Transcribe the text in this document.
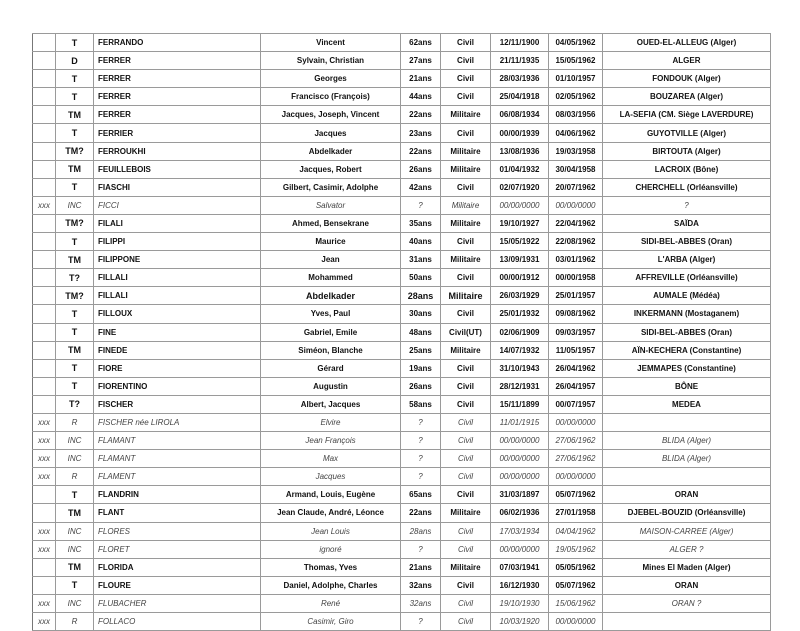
	T	FERRANDO	Vincent	62ans	Civil	12/11/1900	04/05/1962	OUED-EL-ALLEUG (Alger)
	D	FERRER	Sylvain, Christian	27ans	Civil	21/11/1935	15/05/1962	ALGER
	T	FERRER	Georges	21ans	Civil	28/03/1936	01/10/1957	FONDOUK (Alger)
	T	FERRER	Francisco (François)	44ans	Civil	25/04/1918	02/05/1962	BOUZAREA (Alger)
	TM	FERRER	Jacques, Joseph, Vincent	22ans	Militaire	06/08/1934	08/03/1956	LA-SEFIA (CM. Siège LAVERDURE)
	T	FERRIER	Jacques	23ans	Civil	00/00/1939	04/06/1962	GUYOTVILLE (Alger)
	TM?	FERROUKHI	Abdelkader	22ans	Militaire	13/08/1936	19/03/1958	BIRTOUTA (Alger)
	TM	FEUILLEBOIS	Jacques, Robert	26ans	Militaire	01/04/1932	30/04/1958	LACROIX (Bône)
	T	FIASCHI	Gilbert, Casimir, Adolphe	42ans	Civil	02/07/1920	20/07/1962	CHERCHELL (Orléansville)
xxx	INC	FICCI	Salvator	?	Militaire	00/00/0000	00/00/0000	?
	TM?	FILALI	Ahmed, Bensekrane	35ans	Militaire	19/10/1927	22/04/1962	SAÏDA
	T	FILIPPI	Maurice	40ans	Civil	15/05/1922	22/08/1962	SIDI-BEL-ABBES (Oran)
	TM	FILIPPONE	Jean	31ans	Militaire	13/09/1931	03/01/1962	L'ARBA (Alger)
	T?	FILLALI	Mohammed	50ans	Civil	00/00/1912	00/00/1958	AFFREVILLE (Orléansville)
	TM?	FILLALI	Abdelkader	28ans	Militaire	26/03/1929	25/01/1957	AUMALE (Médéa)
	T	FILLOUX	Yves, Paul	30ans	Civil	25/01/1932	09/08/1962	INKERMANN (Mostaganem)
	T	FINE	Gabriel, Emile	48ans	Civil(UT)	02/06/1909	09/03/1957	SIDI-BEL-ABBES (Oran)
	TM	FINEDE	Siméon, Blanche	25ans	Militaire	14/07/1932	11/05/1957	AÏN-KECHERA (Constantine)
	T	FIORE	Gérard	19ans	Civil	31/10/1943	26/04/1962	JEMMAPES (Constantine)
	T	FIORENTINO	Augustin	26ans	Civil	28/12/1931	26/04/1957	BÔNE
	T?	FISCHER	Albert, Jacques	58ans	Civil	15/11/1899	00/07/1957	MEDEA
xxx	R	FISCHER née LIROLA	Elvire	?	Civil	11/01/1915	00/00/0000	
xxx	INC	FLAMANT	Jean François	?	Civil	00/00/0000	27/06/1962	BLIDA (Alger)
xxx	INC	FLAMANT	Max	?	Civil	00/00/0000	27/06/1962	BLIDA (Alger)
xxx	R	FLAMENT	Jacques	?	Civil	00/00/0000	00/00/0000	
	T	FLANDRIN	Armand, Louis, Eugène	65ans	Civil	31/03/1897	05/07/1962	ORAN
	TM	FLANT	Jean Claude, André, Léonce	22ans	Militaire	06/02/1936	27/01/1958	DJEBEL-BOUZID (Orléansville)
xxx	INC	FLORES	Jean Louis	28ans	Civil	17/03/1934	04/04/1962	MAISON-CARREE (Alger)
xxx	INC	FLORET	ignoré	?	Civil	00/00/0000	19/05/1962	ALGER ?
	TM	FLORIDA	Thomas, Yves	21ans	Militaire	07/03/1941	05/05/1962	Mines El Maden (Alger)
	T	FLOURE	Daniel, Adolphe, Charles	32ans	Civil	16/12/1930	05/07/1962	ORAN
xxx	INC	FLUBACHER	René	32ans	Civil	19/10/1930	15/06/1962	ORAN ?
xxx	R	FOLLACO	Casimir, Giro	?	Civil	10/03/1920	00/00/0000	
